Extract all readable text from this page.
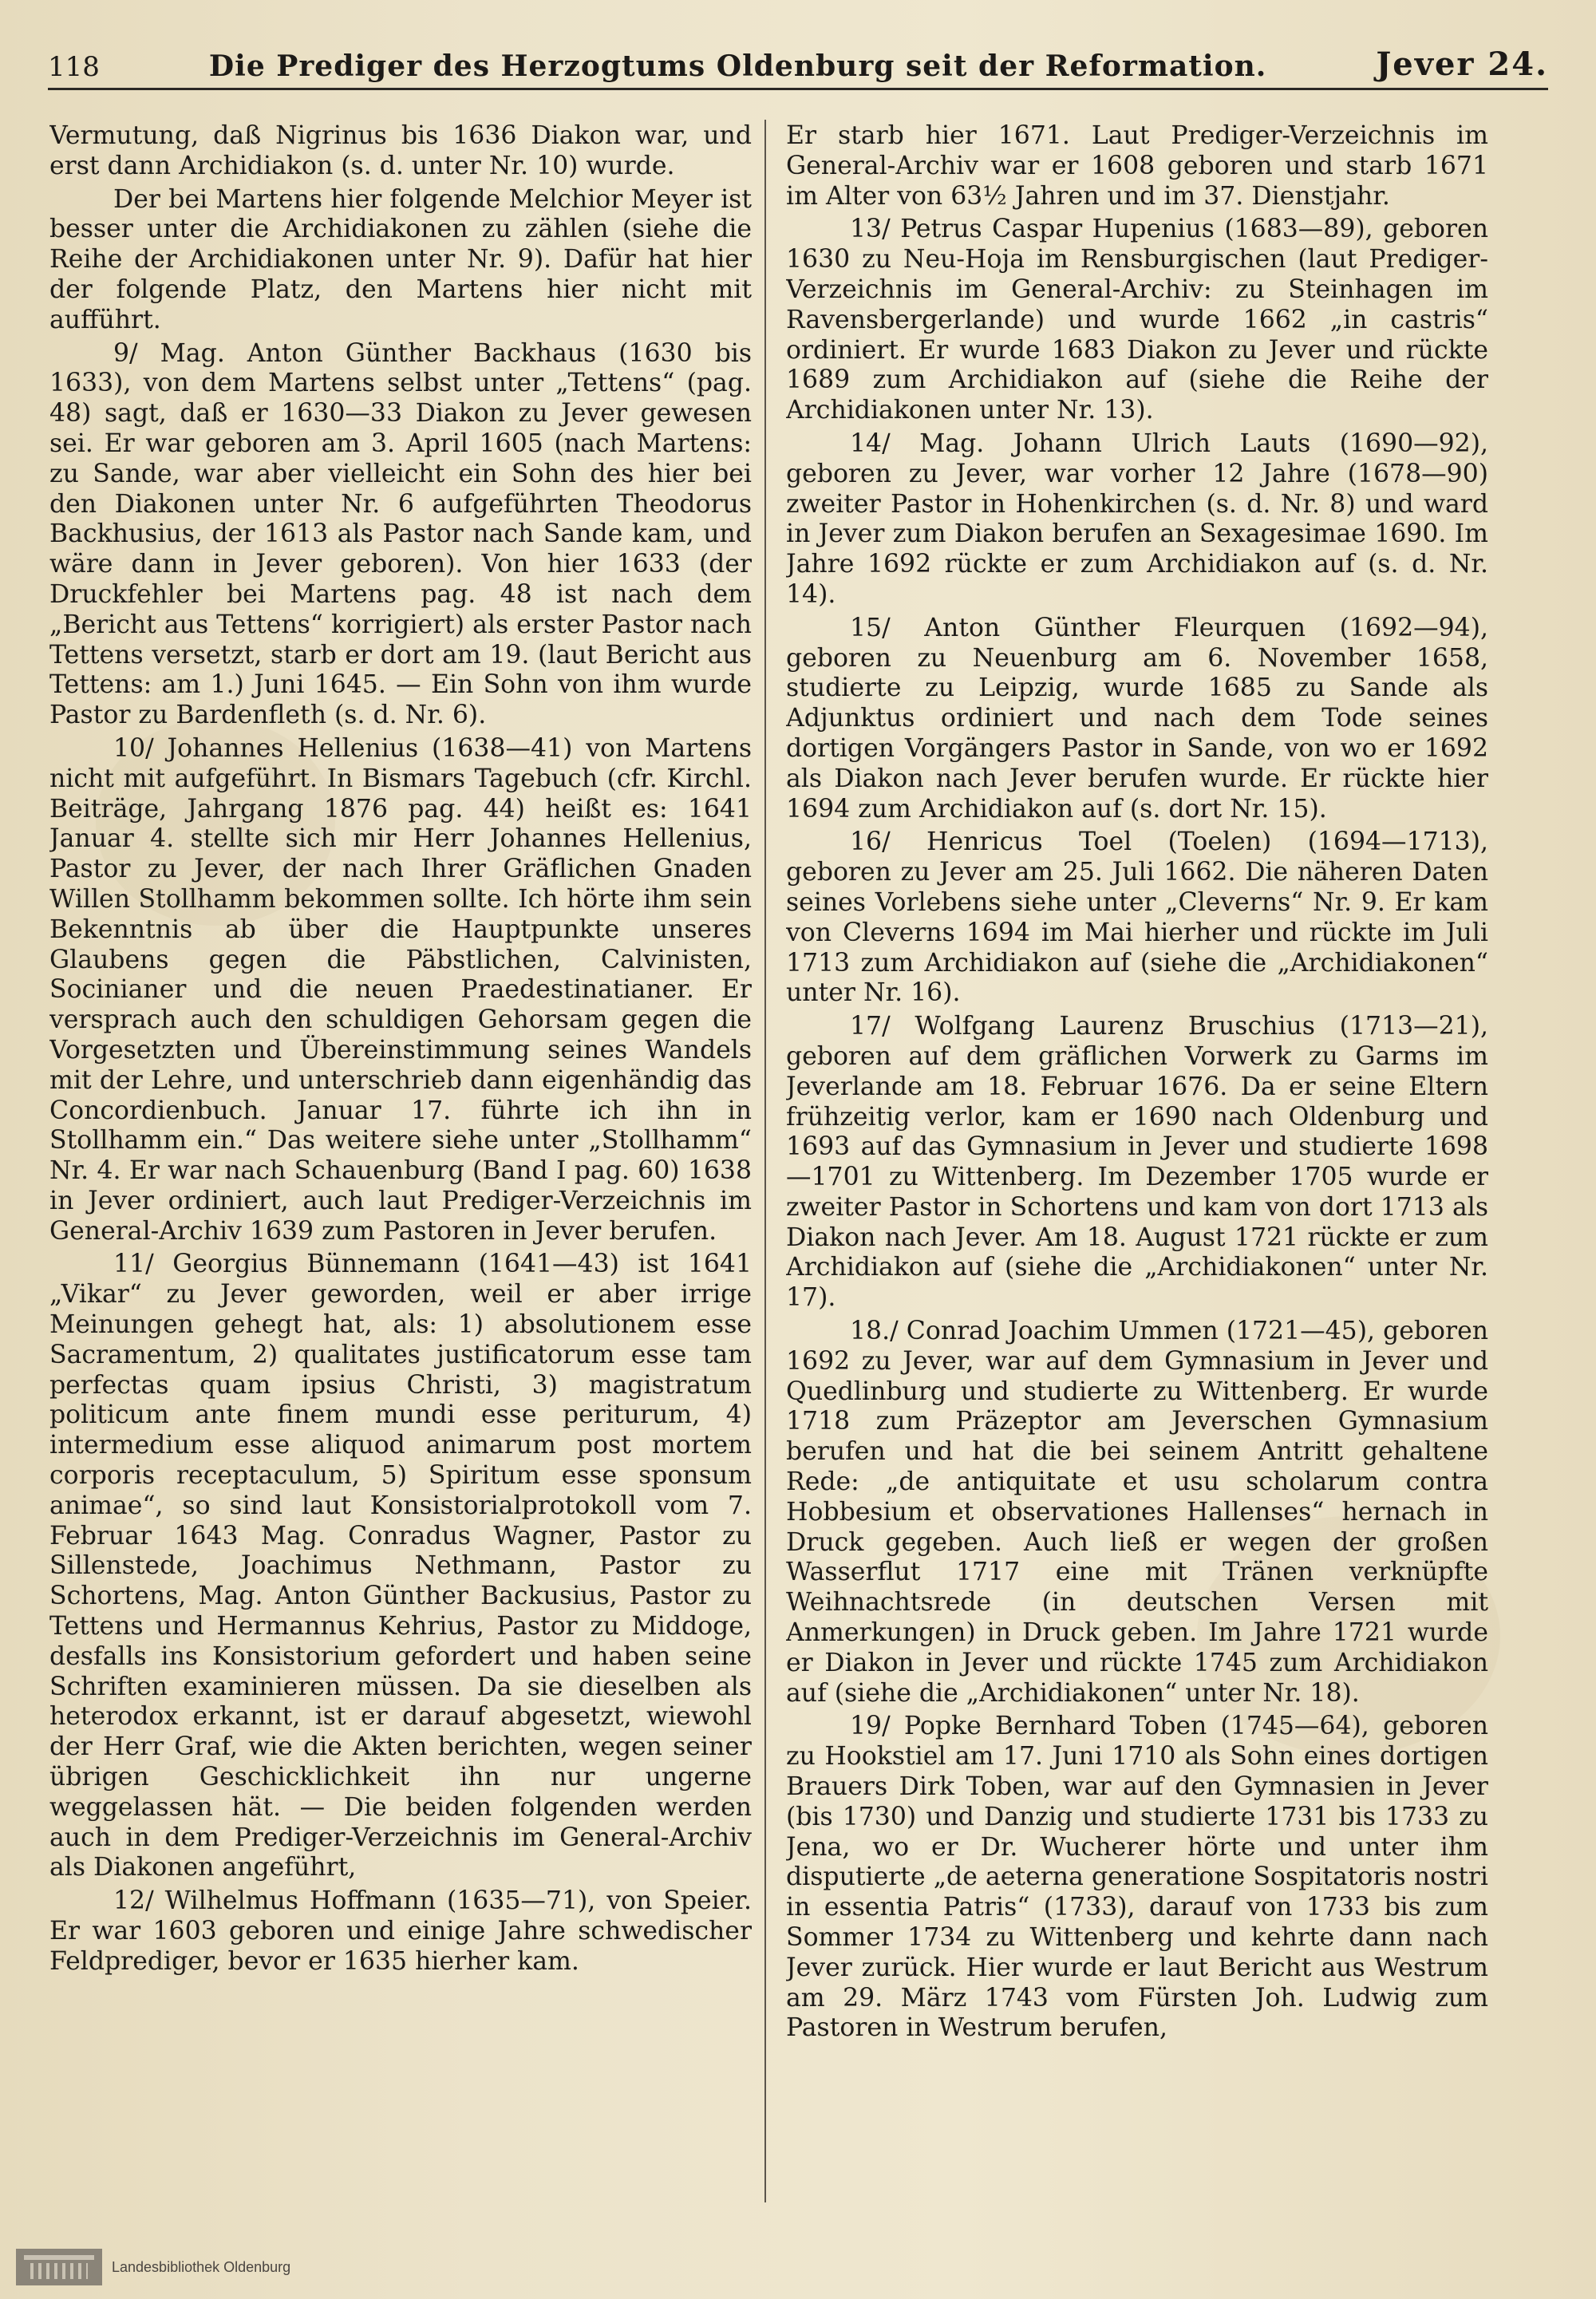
118	Die Prediger des Herzogtums Oldenburg seit der Reformation.	Jever 24.

Vermutung, daß Nigrinus bis 1636 Diakon war, und erst dann Archidiakon (s. d. unter Nr. 10) wurde.

Der bei Martens hier folgende Melchior Meyer ist besser unter die Archidiakonen zu zählen (siehe die Reihe der Archidiakonen unter Nr. 9). Dafür hat hier der folgende Platz, den Martens hier nicht mit aufführt.

9/ Mag. Anton Günther Backhaus (1630 bis 1633), von dem Martens selbst unter „Tettens“ (pag. 48) sagt, daß er 1630—33 Diakon zu Jever gewesen sei. Er war geboren am 3. April 1605 (nach Martens: zu Sande, war aber vielleicht ein Sohn des hier bei den Diakonen unter Nr. 6 aufgeführten Theodorus Backhusius, der 1613 als Pastor nach Sande kam, und wäre dann in Jever geboren). Von hier 1633 (der Druckfehler bei Martens pag. 48 ist nach dem „Bericht aus Tettens“ korrigiert) als erster Pastor nach Tettens versetzt, starb er dort am 19. (laut Bericht aus Tettens: am 1.) Juni 1645. — Ein Sohn von ihm wurde Pastor zu Bardenfleth (s. d. Nr. 6).

10/ Johannes Hellenius (1638—41) von Martens nicht mit aufgeführt. In Bismars Tagebuch (cfr. Kirchl. Beiträge, Jahrgang 1876 pag. 44) heißt es: 1641 Januar 4. stellte sich mir Herr Johannes Hellenius, Pastor zu Jever, der nach Ihrer Gräflichen Gnaden Willen Stollhamm bekommen sollte. Ich hörte ihm sein Bekenntnis ab über die Hauptpunkte unseres Glaubens gegen die Päbstlichen, Calvinisten, Socinianer und die neuen Praedestinatianer. Er versprach auch den schuldigen Gehorsam gegen die Vorgesetzten und Übereinstimmung seines Wandels mit der Lehre, und unterschrieb dann eigenhändig das Concordienbuch. Januar 17. führte ich ihn in Stollhamm ein.“ Das weitere siehe unter „Stollhamm“ Nr. 4. Er war nach Schauenburg (Band I pag. 60) 1638 in Jever ordiniert, auch laut Prediger-Verzeichnis im General-Archiv 1639 zum Pastoren in Jever berufen.

11/ Georgius Bünnemann (1641—43) ist 1641 „Vikar“ zu Jever geworden, weil er aber irrige Meinungen gehegt hat, als: 1) absolutionem esse Sacramentum, 2) qualitates justificatorum esse tam perfectas quam ipsius Christi, 3) magistratum politicum ante finem mundi esse periturum, 4) intermedium esse aliquod animarum post mortem corporis receptaculum, 5) Spiritum esse sponsum animae“, so sind laut Konsistorialprotokoll vom 7. Februar 1643 Mag. Conradus Wagner, Pastor zu Sillenstede, Joachimus Nethmann, Pastor zu Schortens, Mag. Anton Günther Backusius, Pastor zu Tettens und Hermannus Kehrius, Pastor zu Middoge, desfalls ins Konsistorium gefordert und haben seine Schriften examinieren müssen. Da sie dieselben als heterodox erkannt, ist er darauf abgesetzt, wiewohl der Herr Graf, wie die Akten berichten, wegen seiner übrigen Geschicklichkeit ihn nur ungerne weggelassen hät. — Die beiden folgenden werden auch in dem Prediger-Verzeichnis im General-Archiv als Diakonen angeführt,

12/ Wilhelmus Hoffmann (1635—71), von Speier. Er war 1603 geboren und einige Jahre schwedischer Feldprediger, bevor er 1635 hierher kam.

Er starb hier 1671. Laut Prediger-Verzeichnis im General-Archiv war er 1608 geboren und starb 1671 im Alter von 63½ Jahren und im 37. Dienstjahr.

13/ Petrus Caspar Hupenius (1683—89), geboren 1630 zu Neu-Hoja im Rensburgischen (laut Prediger-Verzeichnis im General-Archiv: zu Steinhagen im Ravensbergerlande) und wurde 1662 „in castris“ ordiniert. Er wurde 1683 Diakon zu Jever und rückte 1689 zum Archidiakon auf (siehe die Reihe der Archidiakonen unter Nr. 13).

14/ Mag. Johann Ulrich Lauts (1690—92), geboren zu Jever, war vorher 12 Jahre (1678—90) zweiter Pastor in Hohenkirchen (s. d. Nr. 8) und ward in Jever zum Diakon berufen an Sexagesimae 1690. Im Jahre 1692 rückte er zum Archidiakon auf (s. d. Nr. 14).

15/ Anton Günther Fleurquen (1692—94), geboren zu Neuenburg am 6. November 1658, studierte zu Leipzig, wurde 1685 zu Sande als Adjunktus ordiniert und nach dem Tode seines dortigen Vorgängers Pastor in Sande, von wo er 1692 als Diakon nach Jever berufen wurde. Er rückte hier 1694 zum Archidiakon auf (s. dort Nr. 15).

16/ Henricus Toel (Toelen) (1694—1713), geboren zu Jever am 25. Juli 1662. Die näheren Daten seines Vorlebens siehe unter „Cleverns“ Nr. 9. Er kam von Cleverns 1694 im Mai hierher und rückte im Juli 1713 zum Archidiakon auf (siehe die „Archidiakonen“ unter Nr. 16).

17/ Wolfgang Laurenz Bruschius (1713—21), geboren auf dem gräflichen Vorwerk zu Garms im Jeverlande am 18. Februar 1676. Da er seine Eltern frühzeitig verlor, kam er 1690 nach Oldenburg und 1693 auf das Gymnasium in Jever und studierte 1698—1701 zu Wittenberg. Im Dezember 1705 wurde er zweiter Pastor in Schortens und kam von dort 1713 als Diakon nach Jever. Am 18. August 1721 rückte er zum Archidiakon auf (siehe die „Archidiakonen“ unter Nr. 17).

18./ Conrad Joachim Ummen (1721—45), geboren 1692 zu Jever, war auf dem Gymnasium in Jever und Quedlinburg und studierte zu Wittenberg. Er wurde 1718 zum Präzeptor am Jeverschen Gymnasium berufen und hat die bei seinem Antritt gehaltene Rede: „de antiquitate et usu scholarum contra Hobbesium et observationes Hallenses“ hernach in Druck gegeben. Auch ließ er wegen der großen Wasserflut 1717 eine mit Tränen verknüpfte Weihnachtsrede (in deutschen Versen mit Anmerkungen) in Druck geben. Im Jahre 1721 wurde er Diakon in Jever und rückte 1745 zum Archidiakon auf (siehe die „Archidiakonen“ unter Nr. 18).

19/ Popke Bernhard Toben (1745—64), geboren zu Hookstiel am 17. Juni 1710 als Sohn eines dortigen Brauers Dirk Toben, war auf den Gymnasien in Jever (bis 1730) und Danzig und studierte 1731 bis 1733 zu Jena, wo er Dr. Wucherer hörte und unter ihm disputierte „de aeterna generatione Sospitatoris nostri in essentia Patris“ (1733), darauf von 1733 bis zum Sommer 1734 zu Wittenberg und kehrte dann nach Jever zurück. Hier wurde er laut Bericht aus Westrum am 29. März 1743 vom Fürsten Joh. Ludwig zum Pastoren in Westrum berufen,

Landesbibliothek Oldenburg
